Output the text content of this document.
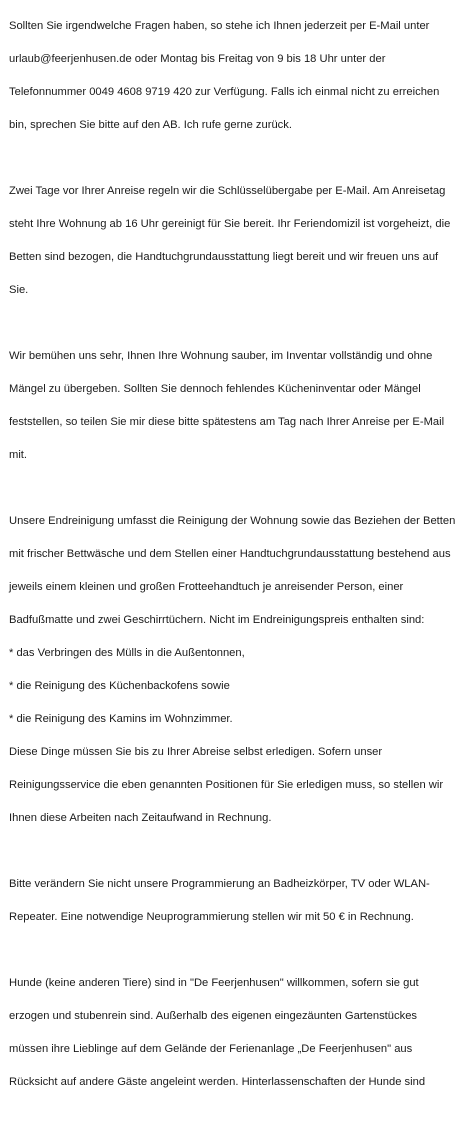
Sollten Sie irgendwelche Fragen haben, so stehe ich Ihnen jederzeit per E-Mail unter

urlaub@feerjenhusen.de oder Montag bis Freitag von 9 bis 18 Uhr unter der

Telefonnummer 0049 4608 9719 420 zur Verfügung. Falls ich einmal nicht zu erreichen

bin, sprechen Sie bitte auf den AB. Ich rufe gerne zurück.

Zwei Tage vor Ihrer Anreise regeln wir die Schlüsselübergabe per E-Mail. Am Anreisetag

steht Ihre Wohnung ab 16 Uhr gereinigt für Sie bereit. Ihr Feriendomizil ist vorgeheizt, die

Betten sind bezogen, die Handtuchgrundausstattung liegt bereit und wir freuen uns auf

Sie.

Wir bemühen uns sehr, Ihnen Ihre Wohnung sauber, im Inventar vollständig und ohne

Mängel zu übergeben. Sollten Sie dennoch fehlendes Kücheninventar oder Mängel

feststellen, so teilen Sie mir diese bitte spätestens am Tag nach Ihrer Anreise per E-Mail

mit.

Unsere Endreinigung umfasst die Reinigung der Wohnung sowie das Beziehen der Betten

mit frischer Bettwäsche und dem Stellen einer Handtuchgrundausstattung bestehend aus

jeweils einem kleinen und großen Frotteehandtuch je anreisender Person, einer

Badfußmatte und zwei Geschirrtüchern. Nicht im Endreinigungspreis enthalten sind:

* das Verbringen des Mülls in die Außentonnen,

* die Reinigung des Küchenbackofens sowie

* die Reinigung des Kamins im Wohnzimmer.

Diese Dinge müssen Sie bis zu Ihrer Abreise selbst erledigen. Sofern unser

Reinigungsservice die eben genannten Positionen für Sie erledigen muss, so stellen wir

Ihnen diese Arbeiten nach Zeitaufwand in Rechnung.

Bitte verändern Sie nicht unsere Programmierung an Badheizkörper, TV oder WLAN-

Repeater. Eine notwendige Neuprogrammierung stellen wir mit 50 € in Rechnung.

Hunde (keine anderen Tiere) sind in "De Feerjenhusen" willkommen, sofern sie gut

erzogen und stubenrein sind. Außerhalb des eigenen eingezäunten Gartenstückes

müssen ihre Lieblinge auf dem Gelände der Ferienanlage „De Feerjenhusen" aus

Rücksicht auf andere Gäste angeleint werden. Hinterlassenschaften der Hunde sind
